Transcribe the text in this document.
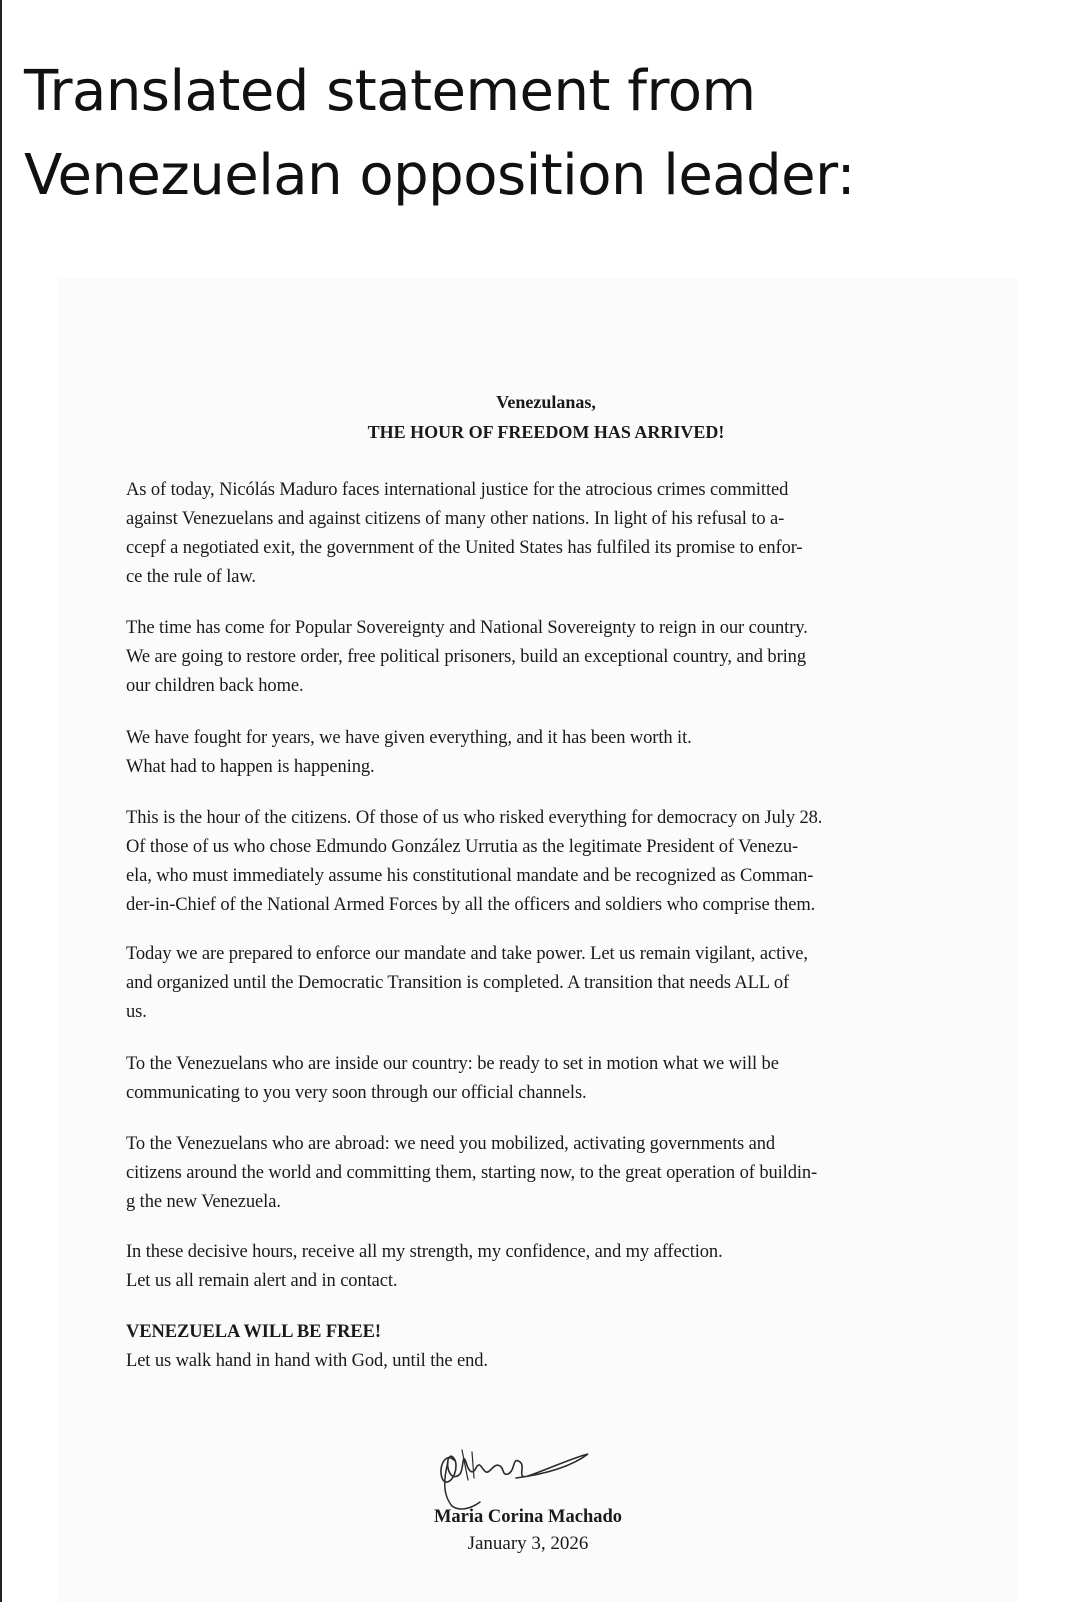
Translated statement from
Venezuelan opposition leader:
Venezulanas,
THE HOUR OF FREEDOM HAS ARRIVED!

As of today, Nicólás Maduro faces international justice for the atrocious crimes committed
against Venezuelans and against citizens of many other nations. In light of his refusal to a-
ccepf a negotiated exit, the government of the United States has fulfiled its promise to enfor-
ce the rule of law.

The time has come for Popular Sovereignty and National Sovereignty to reign in our country.
We are going to restore order, free political prisoners, build an exceptional country, and bring
our children back home.

We have fought for years, we have given everything, and it has been worth it.
What had to happen is happening.

This is the hour of the citizens. Of those of us who risked everything for democracy on July 28.
Of those of us who chose Edmundo González Urrutia as the legitimate President of Venezu-
ela, who must immediately assume his constitutional mandate and be recognized as Comman-
der-in-Chief of the National Armed Forces by all the officers and soldiers who comprise them.

Today we are prepared to enforce our mandate and take power. Let us remain vigilant, active,
and organized until the Democratic Transition is completed. A transition that needs ALL of
us.

To the Venezuelans who are inside our country: be ready to set in motion what we will be
communicating to you very soon through our official channels.

To the Venezuelans who are abroad: we need you mobilized, activating governments and
citizens around the world and committing them, starting now, to the great operation of buildin-
g the new Venezuela.

In these decisive hours, receive all my strength, my confidence, and my affection.
Let us all remain alert and in contact.

VENEZUELA WILL BE FREE!
Let us walk hand in hand with God, until the end.

Maria Corina Machado
January 3, 2026
